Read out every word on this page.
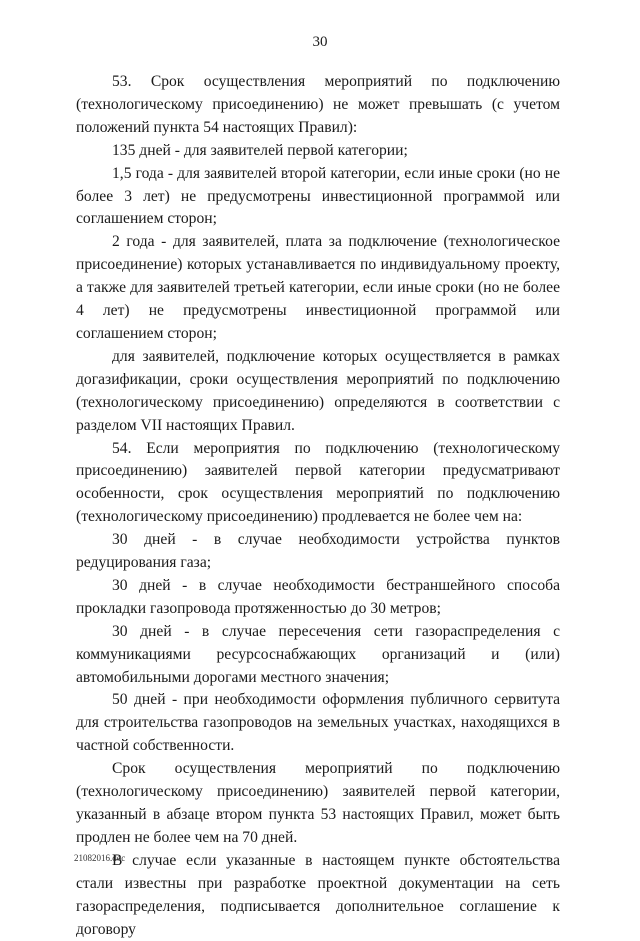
30

53. Срок осуществления мероприятий по подключению (технологическому присоединению) не может превышать (с учетом положений пункта 54 настоящих Правил):

135 дней - для заявителей первой категории;

1,5 года - для заявителей второй категории, если иные сроки (но не более 3 лет) не предусмотрены инвестиционной программой или соглашением сторон;

2 года - для заявителей, плата за подключение (технологическое присоединение) которых устанавливается по индивидуальному проекту, а также для заявителей третьей категории, если иные сроки (но не более 4 лет) не предусмотрены инвестиционной программой или соглашением сторон;

для заявителей, подключение которых осуществляется в рамках догазификации, сроки осуществления мероприятий по подключению (технологическому присоединению) определяются в соответствии с разделом VII настоящих Правил.

54. Если мероприятия по подключению (технологическому присоединению) заявителей первой категории предусматривают особенности, срок осуществления мероприятий по подключению (технологическому присоединению) продлевается не более чем на:

30 дней - в случае необходимости устройства пунктов редуцирования газа;

30 дней - в случае необходимости бестраншейного способа прокладки газопровода протяженностью до 30 метров;

30 дней - в случае пересечения сети газораспределения с коммуникациями ресурсоснабжающих организаций и (или) автомобильными дорогами местного значения;

50 дней - при необходимости оформления публичного сервитута для строительства газопроводов на земельных участках, находящихся в частной собственности.

Срок осуществления мероприятий по подключению (технологическому присоединению) заявителей первой категории, указанный в абзаце втором пункта 53 настоящих Правил, может быть продлен не более чем на 70 дней.

В случае если указанные в настоящем пункте обстоятельства стали известны при разработке проектной документации на сеть газораспределения, подписывается дополнительное соглашение к договору

21082016.doc
